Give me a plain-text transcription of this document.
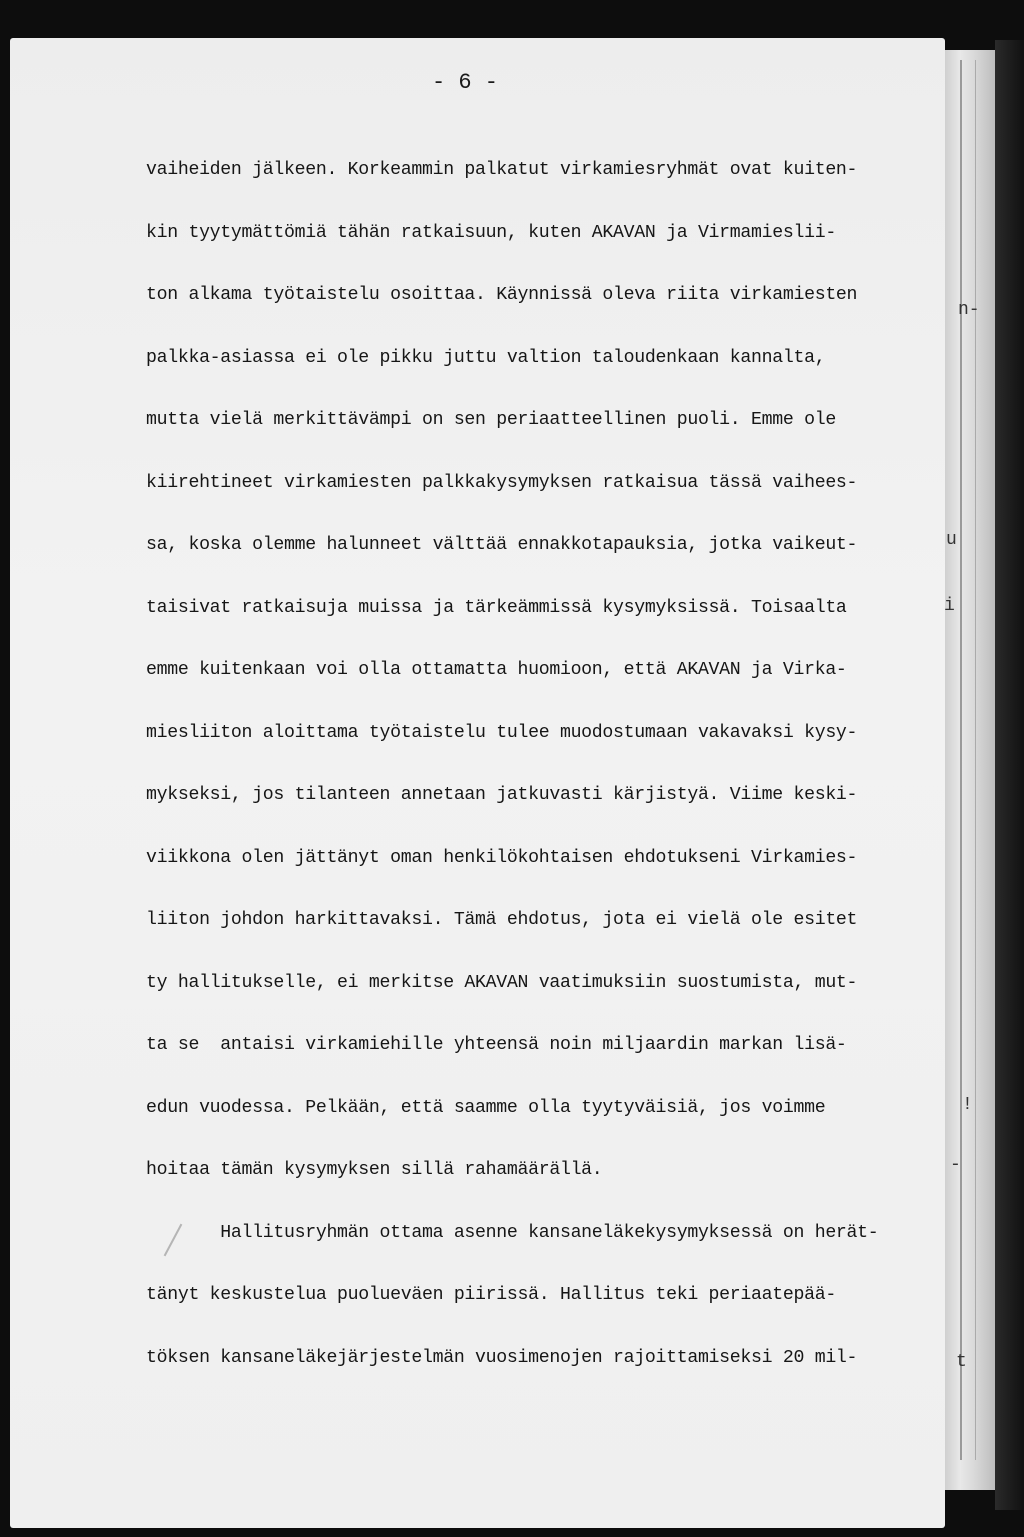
- 6 -

vaiheiden jälkeen. Korkeammin palkatut virkamiesryhmät ovat kuiten-
kin tyytymättömiä tähän ratkaisuun, kuten AKAVAN ja Virmamieslii-
ton alkama työtaistelu osoittaa. Käynnissä oleva riita virkamiesten
palkka-asiassa ei ole pikku juttu valtion taloudenkaan kannalta,
mutta vielä merkittävämpi on sen periaatteellinen puoli. Emme ole
kiirehtineet virkamiesten palkkakysymyksen ratkaisua tässä vaihees-
sa, koska olemme halunneet välttää ennakkotapauksia, jotka vaikeut-
taisivat ratkaisuja muissa ja tärkeämmissä kysymyksissä. Toisaalta
emme kuitenkaan voi olla ottamatta huomioon, että AKAVAN ja Virka-
miesliiton aloittama työtaistelu tulee muodostumaan vakavaksi kysy-
mykseksi, jos tilanteen annetaan jatkuvasti kärjistyä. Viime keski-
viikkona olen jättänyt oman henkilökohtaisen ehdotukseni Virkamies-
liiton johdon harkittavaksi. Tämä ehdotus, jota ei vielä ole esitet
ty hallitukselle, ei merkitse AKAVAN vaatimuksiin suostumista, mut-
ta se  antaisi virkamiehille yhteensä noin miljaardin markan lisä-
edun vuodessa. Pelkään, että saamme olla tyytyväisiä, jos voimme
hoitaa tämän kysymyksen sillä rahamäärällä.
Hallitusryhmän ottama asenne kansaneläkekysymyksessä on herät-
tänyt keskustelua puolueväen piirissä. Hallitus teki periaatepää-
töksen kansaneläkejärjestelmän vuosimenojen rajoittamiseksi 20 mil-
n-
u
i
-
!
t
